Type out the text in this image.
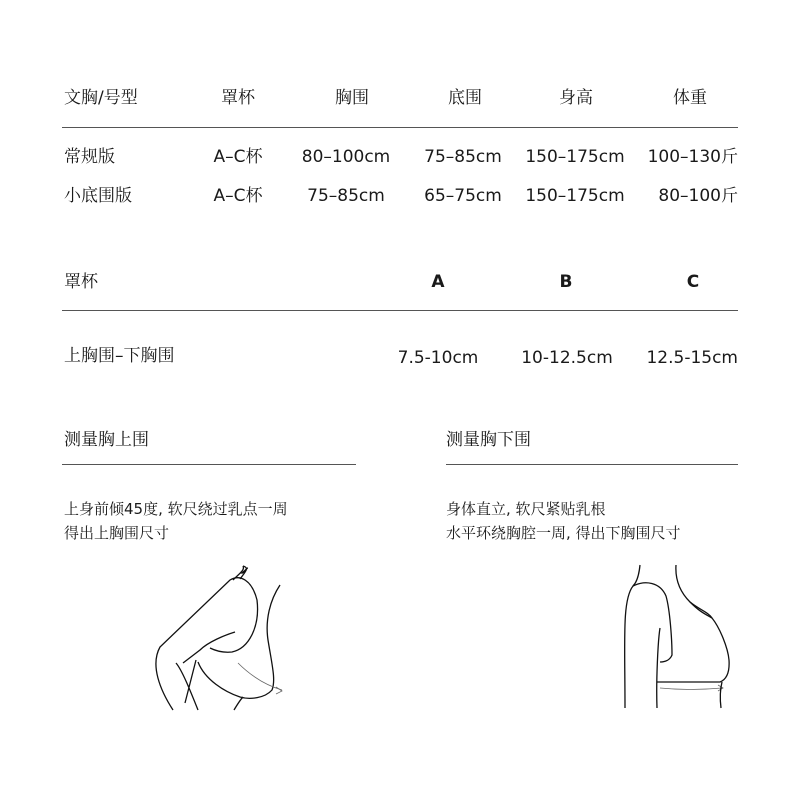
文胸/号型	罩杯	胸围	底围	身高	体重
常规版	A–C杯 80–100cm 75–85cm 150–175cm 100–130斤
小底围版	A–C杯	75–85cm 65–75cm 150–175cm 80–100斤
罩杯	A	B	C
上胸围–下胸围	7.5-10cm	10-12.5cm 12.5-15cm
测量胸上围
上身前倾45度, 软尺绕过乳点一周
得出上胸围尺寸
测量胸下围
身体直立, 软尺紧贴乳根
水平环绕胸腔一周, 得出下胸围尺寸
